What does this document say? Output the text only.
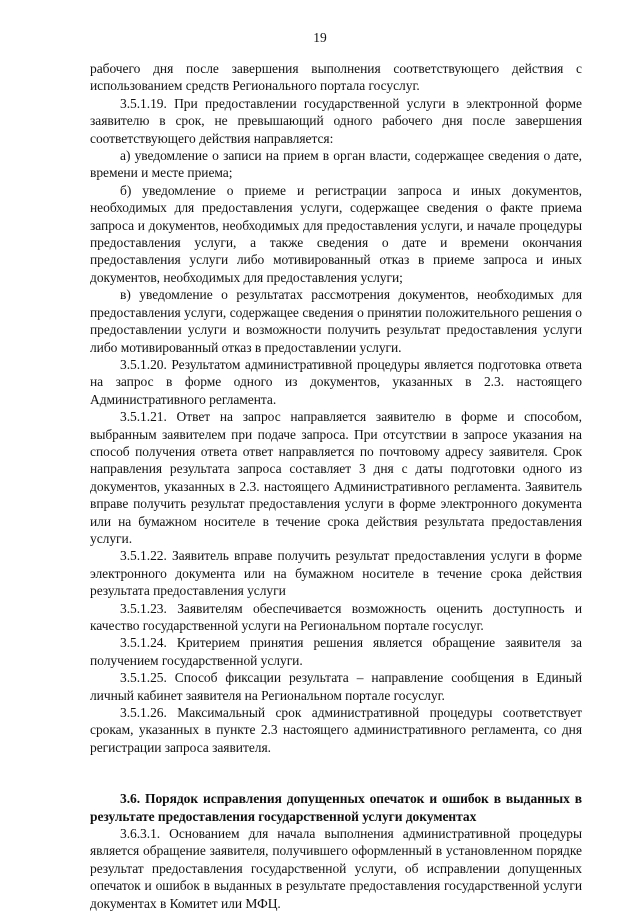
19

рабочего дня после завершения выполнения соответствующего действия с использованием средств Регионального портала госуслуг.

3.5.1.19. При предоставлении государственной услуги в электронной форме заявителю в срок, не превышающий одного рабочего дня после завершения соответствующего действия направляется:

а) уведомление о записи на прием в орган власти, содержащее сведения о дате, времени и месте приема;

б) уведомление о приеме и регистрации запроса и иных документов, необходимых для предоставления услуги, содержащее сведения о факте приема запроса и документов, необходимых для предоставления услуги, и начале процедуры предоставления услуги, а также сведения о дате и времени окончания предоставления услуги либо мотивированный отказ в приеме запроса и иных документов, необходимых для предоставления услуги;

в) уведомление о результатах рассмотрения документов, необходимых для предоставления услуги, содержащее сведения о принятии положительного решения о предоставлении услуги и возможности получить результат предоставления услуги либо мотивированный отказ в предоставлении услуги.

3.5.1.20. Результатом административной процедуры является подготовка ответа на запрос в форме одного из документов, указанных в 2.3. настоящего Административного регламента.

3.5.1.21. Ответ на запрос направляется заявителю в форме и способом, выбранным заявителем при подаче запроса. При отсутствии в запросе указания на способ получения ответа ответ направляется по почтовому адресу заявителя. Срок направления результата запроса составляет 3 дня с даты подготовки одного из документов, указанных в 2.3. настоящего Административного регламента. Заявитель вправе получить результат предоставления услуги в форме электронного документа или на бумажном носителе в течение срока действия результата предоставления услуги.

3.5.1.22. Заявитель вправе получить результат предоставления услуги в форме электронного документа или на бумажном носителе в течение срока действия результата предоставления услуги

3.5.1.23. Заявителям обеспечивается возможность оценить доступность и качество государственной услуги на Региональном портале госуслуг.

3.5.1.24. Критерием принятия решения является обращение заявителя за получением государственной услуги.

3.5.1.25. Способ фиксации результата – направление сообщения в Единый личный кабинет заявителя на Региональном портале госуслуг.

3.5.1.26. Максимальный срок административной процедуры соответствует срокам, указанных в пункте 2.3 настоящего административного регламента, со дня регистрации запроса заявителя.

3.6. Порядок исправления допущенных опечаток и ошибок в выданных в результате предоставления государственной услуги документах

3.6.3.1. Основанием для начала выполнения административной процедуры является обращение заявителя, получившего оформленный в установленном порядке результат предоставления государственной услуги, об исправлении допущенных опечаток и ошибок в выданных в результате предоставления государственной услуги документах в Комитет или МФЦ.
